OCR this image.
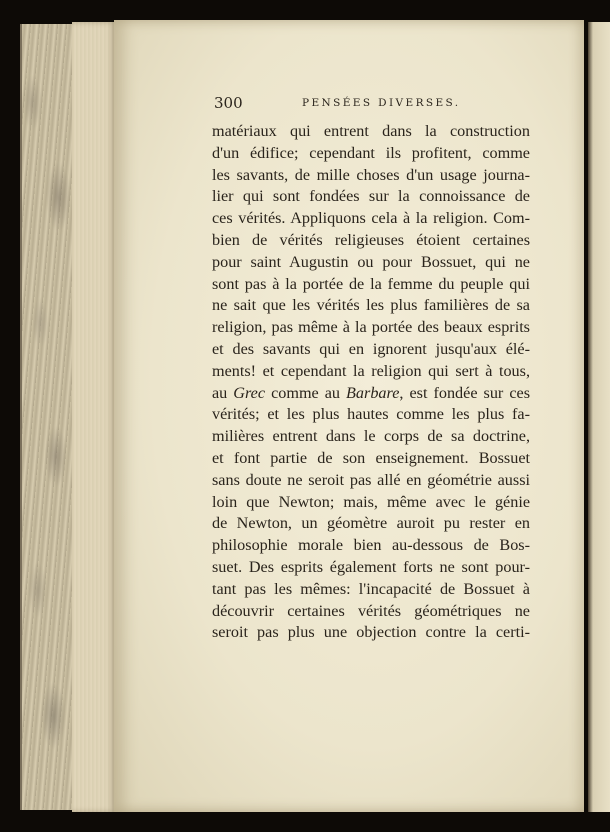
300	PENSÉES DIVERSES.
matériaux qui entrent dans la construction
d'un édifice; cependant ils profitent, comme
les savants, de mille choses d'un usage journa-
lier qui sont fondées sur la connoissance de
ces vérités. Appliquons cela à la religion. Com-
bien de vérités religieuses étoient certaines
pour saint Augustin ou pour Bossuet, qui ne
sont pas à la portée de la femme du peuple qui
ne sait que les vérités les plus familières de sa
religion, pas même à la portée des beaux esprits
et des savants qui en ignorent jusqu'aux élé-
ments! et cependant la religion qui sert à tous,
au Grec comme au Barbare, est fondée sur ces
vérités; et les plus hautes comme les plus fa-
milières entrent dans le corps de sa doctrine,
et font partie de son enseignement. Bossuet
sans doute ne seroit pas allé en géométrie aussi
loin que Newton; mais, même avec le génie
de Newton, un géomètre auroit pu rester en
philosophie morale bien au-dessous de Bos-
suet. Des esprits également forts ne sont pour-
tant pas les mêmes: l'incapacité de Bossuet à
découvrir certaines vérités géométriques ne
seroit pas plus une objection contre la certi-
